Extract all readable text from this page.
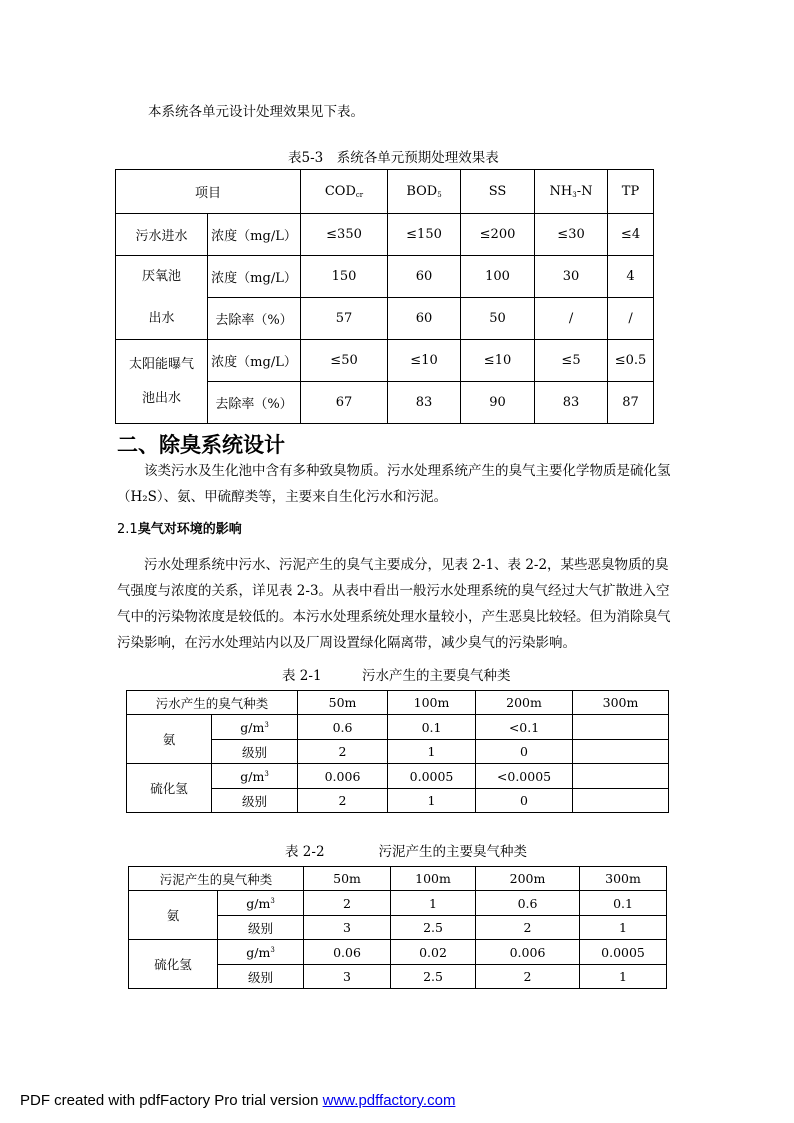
本系统各单元设计处理效果见下表。
表5-3　系统各单元预期处理效果表
项目		$COD_{cr}$	$BOD_5$	SS	$NH_3-N$	TP
污水进水	浓度（mg/L）	≤350	≤150	≤200	≤30	≤4

厌氧池
出水	浓度（mg/L）	150	60	100	30	4
	去除率（%）	57	60	50	/	/

太阳能曝气
池出水	浓度（mg/L）	≤50	≤10	≤10	≤5	≤0.5
	去除率（%）	67	83	90	83	87
二、除臭系统设计
该类污水及生化池中含有多种致臭物质。污水处理系统产生的臭气主要化学物质是硫化氢（H₂S）、氨、甲硫醇类等，主要来自生化污水和污泥。
2.1臭气对环境的影响
污水处理系统中污水、污泥产生的臭气主要成分，见表 2-1、表 2-2，某些恶臭物质的臭气强度与浓度的关系，详见表 2-3。从表中看出一般污水处理系统的臭气经过大气扩散进入空气中的污染物浓度是较低的。本污水处理系统处理水量较小，产生恶臭比较轻。但为消除臭气污染影响，在污水处理站内以及厂周设置绿化隔离带，减少臭气的污染影响。
表 2-1　　　污水产生的主要臭气种类
污水产生的臭气种类		50m	100m	200m	300m
氨	$g/m^3$	0.6	0.1	<0.1	
	级别	2	1	0	
硫化氢	$g/m^3$	0.006	0.0005	<0.0005	
	级别	2	1	0	
表 2-2　　　　污泥产生的主要臭气种类
污泥产生的臭气种类		50m	100m	200m	300m
氨	$g/m^3$	2	1	0.6	0.1
	级别	3	2.5	2	1
硫化氢	$g/m^3$	0.06	0.02	0.006	0.0005
	级别	3	2.5	2	1
PDF created with pdfFactory Pro trial version www.pdffactory.com
